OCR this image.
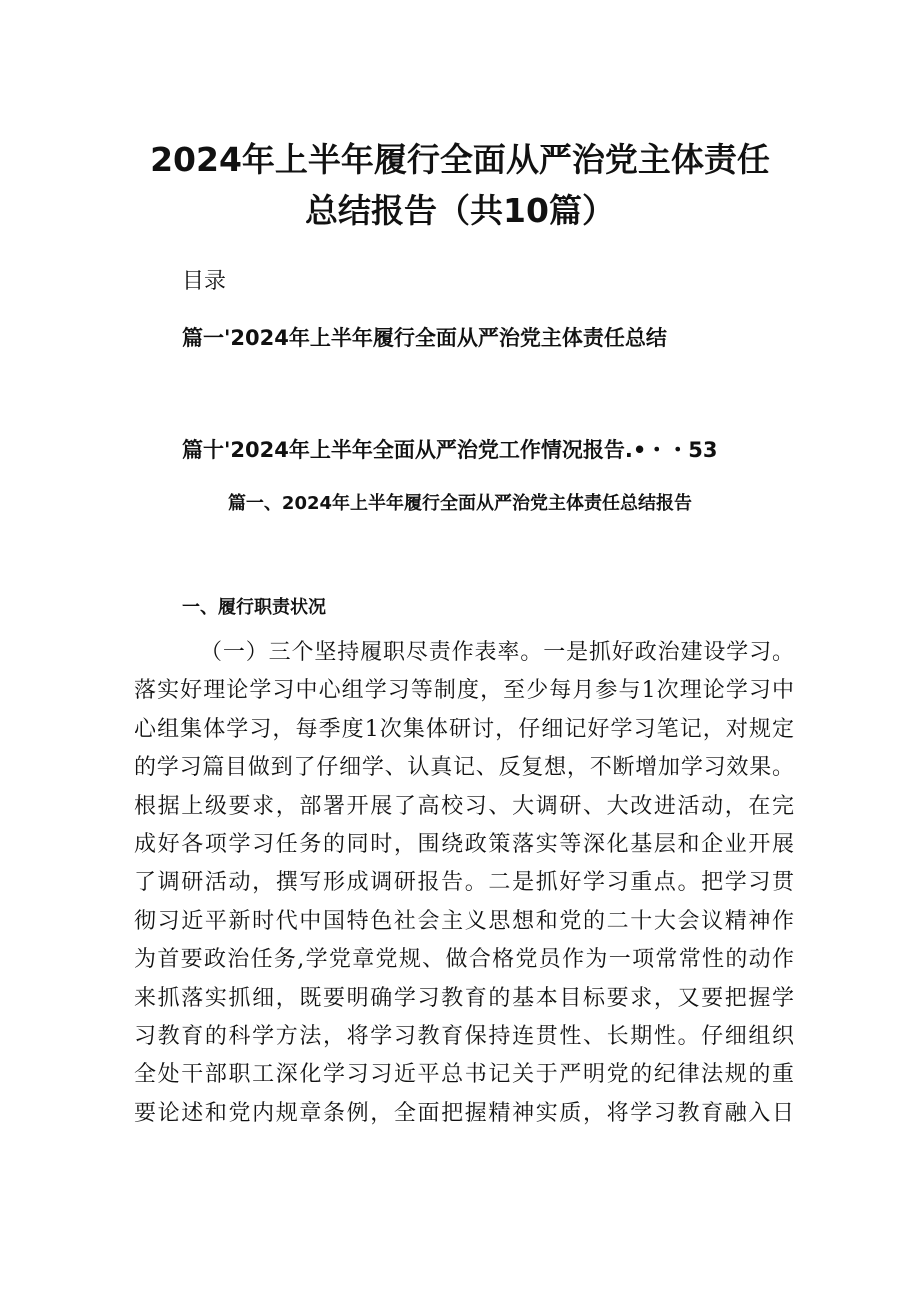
2024年上半年履行全面从严治党主体责任
总结报告（共10篇）
目录
篇一'2024年上半年履行全面从严治党主体责任总结
篇十'2024年上半年全面从严治党工作情况报告.•・・53
篇一、2024年上半年履行全面从严治党主体责任总结报告
一、履行职责状况
（一）三个坚持履职尽责作表率。一是抓好政治建设学习。
落实好理论学习中心组学习等制度，至少每月参与1次理论学习中
心组集体学习，每季度1次集体研讨，仔细记好学习笔记，对规定
的学习篇目做到了仔细学、认真记、反复想，不断增加学习效果。
根据上级要求，部署开展了高校习、大调研、大改进活动，在完
成好各项学习任务的同时，围绕政策落实等深化基层和企业开展
了调研活动，撰写形成调研报告。二是抓好学习重点。把学习贯
彻习近平新时代中国特色社会主义思想和党的二十大会议精神作
为首要政治任务,学党章党规、做合格党员作为一项常常性的动作
来抓落实抓细，既要明确学习教育的基本目标要求，又要把握学
习教育的科学方法，将学习教育保持连贯性、长期性。仔细组织
全处干部职工深化学习习近平总书记关于严明党的纪律法规的重
要论述和党内规章条例，全面把握精神实质，将学习教育融入日
